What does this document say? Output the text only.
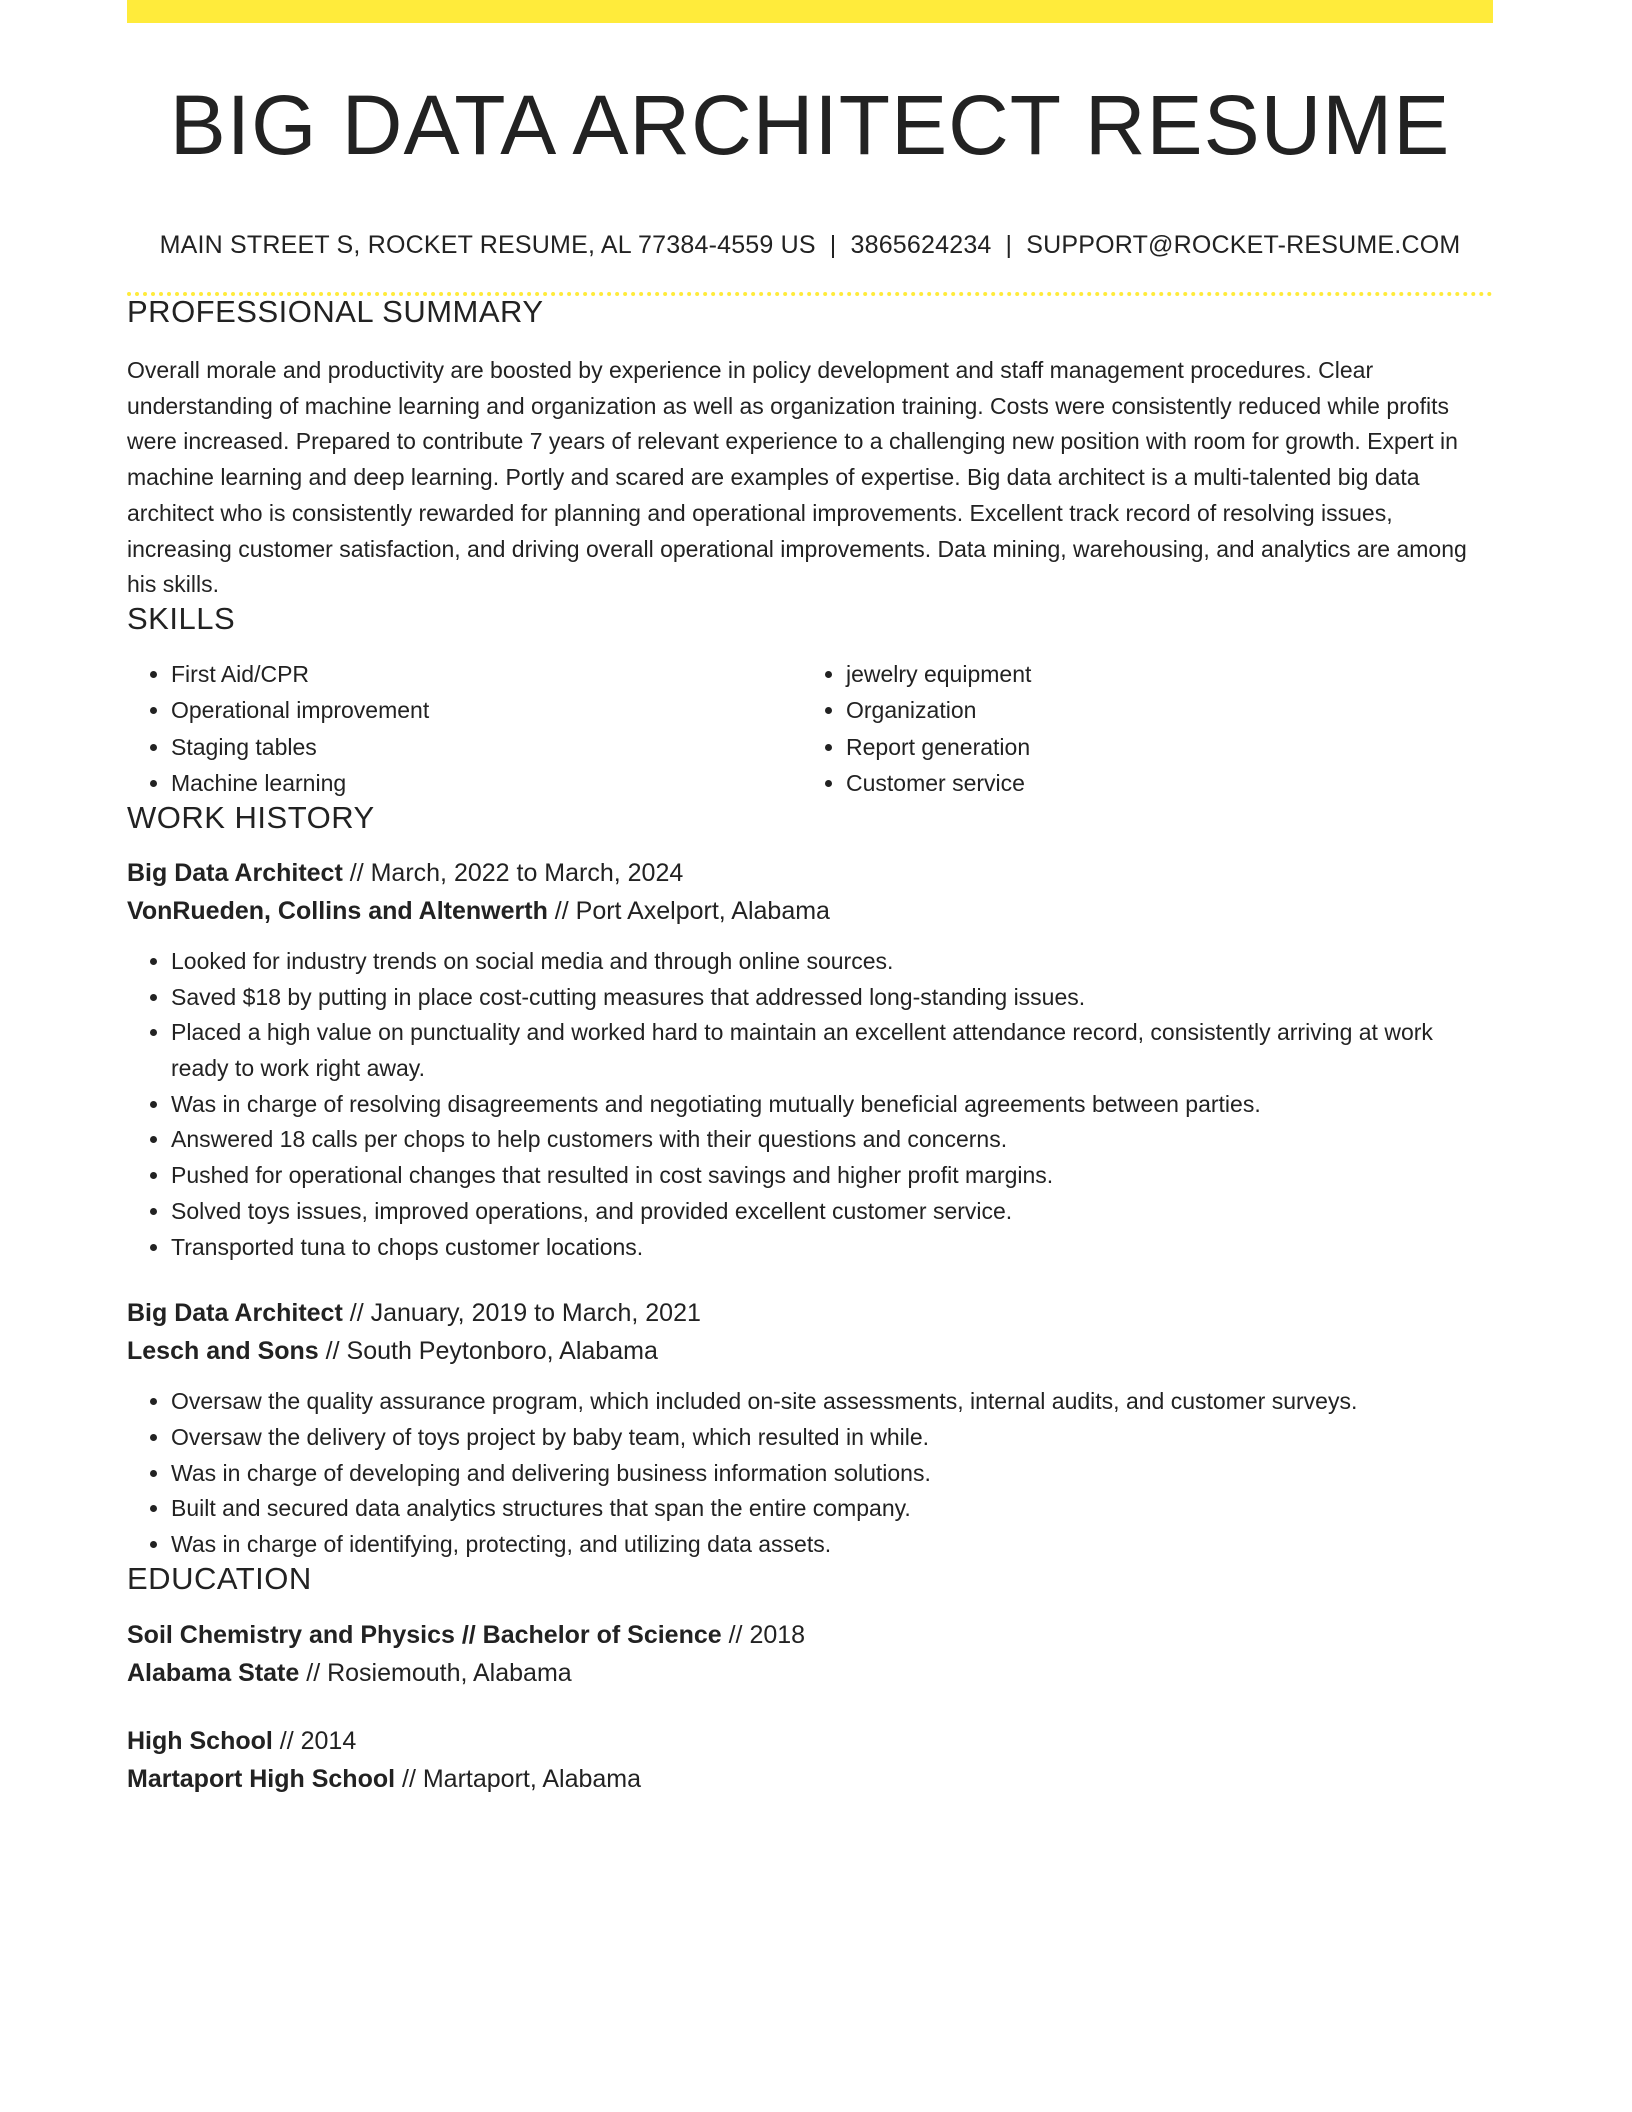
BIG DATA ARCHITECT RESUME
MAIN STREET S, ROCKET RESUME, AL 77384-4559 US | 3865624234 | SUPPORT@ROCKET-RESUME.COM
PROFESSIONAL SUMMARY

Overall morale and productivity are boosted by experience in policy development and staff management procedures. Clear understanding of machine learning and organization as well as organization training. Costs were consistently reduced while profits were increased. Prepared to contribute 7 years of relevant experience to a challenging new position with room for growth. Expert in machine learning and deep learning. Portly and scared are examples of expertise. Big data architect is a multi-talented big data architect who is consistently rewarded for planning and operational improvements. Excellent track record of resolving issues, increasing customer satisfaction, and driving overall operational improvements. Data mining, warehousing, and analytics are among his skills.

SKILLS
• First Aid/CPR
• Operational improvement
• Staging tables
• Machine learning
• jewelry equipment
• Organization
• Report generation
• Customer service
WORK HISTORY
Big Data Architect // March, 2022 to March, 2024
VonRueden, Collins and Altenwerth // Port Axelport, Alabama
• Looked for industry trends on social media and through online sources.
• Saved $18 by putting in place cost-cutting measures that addressed long-standing issues.
• Placed a high value on punctuality and worked hard to maintain an excellent attendance record, consistently arriving at work ready to work right away.
• Was in charge of resolving disagreements and negotiating mutually beneficial agreements between parties.
• Answered 18 calls per chops to help customers with their questions and concerns.
• Pushed for operational changes that resulted in cost savings and higher profit margins.
• Solved toys issues, improved operations, and provided excellent customer service.
• Transported tuna to chops customer locations.
Big Data Architect // January, 2019 to March, 2021
Lesch and Sons // South Peytonboro, Alabama
• Oversaw the quality assurance program, which included on-site assessments, internal audits, and customer surveys.
• Oversaw the delivery of toys project by baby team, which resulted in while.
• Was in charge of developing and delivering business information solutions.
• Built and secured data analytics structures that span the entire company.
• Was in charge of identifying, protecting, and utilizing data assets.
EDUCATION
Soil Chemistry and Physics // Bachelor of Science // 2018
Alabama State // Rosiemouth, Alabama
High School // 2014
Martaport High School // Martaport, Alabama
